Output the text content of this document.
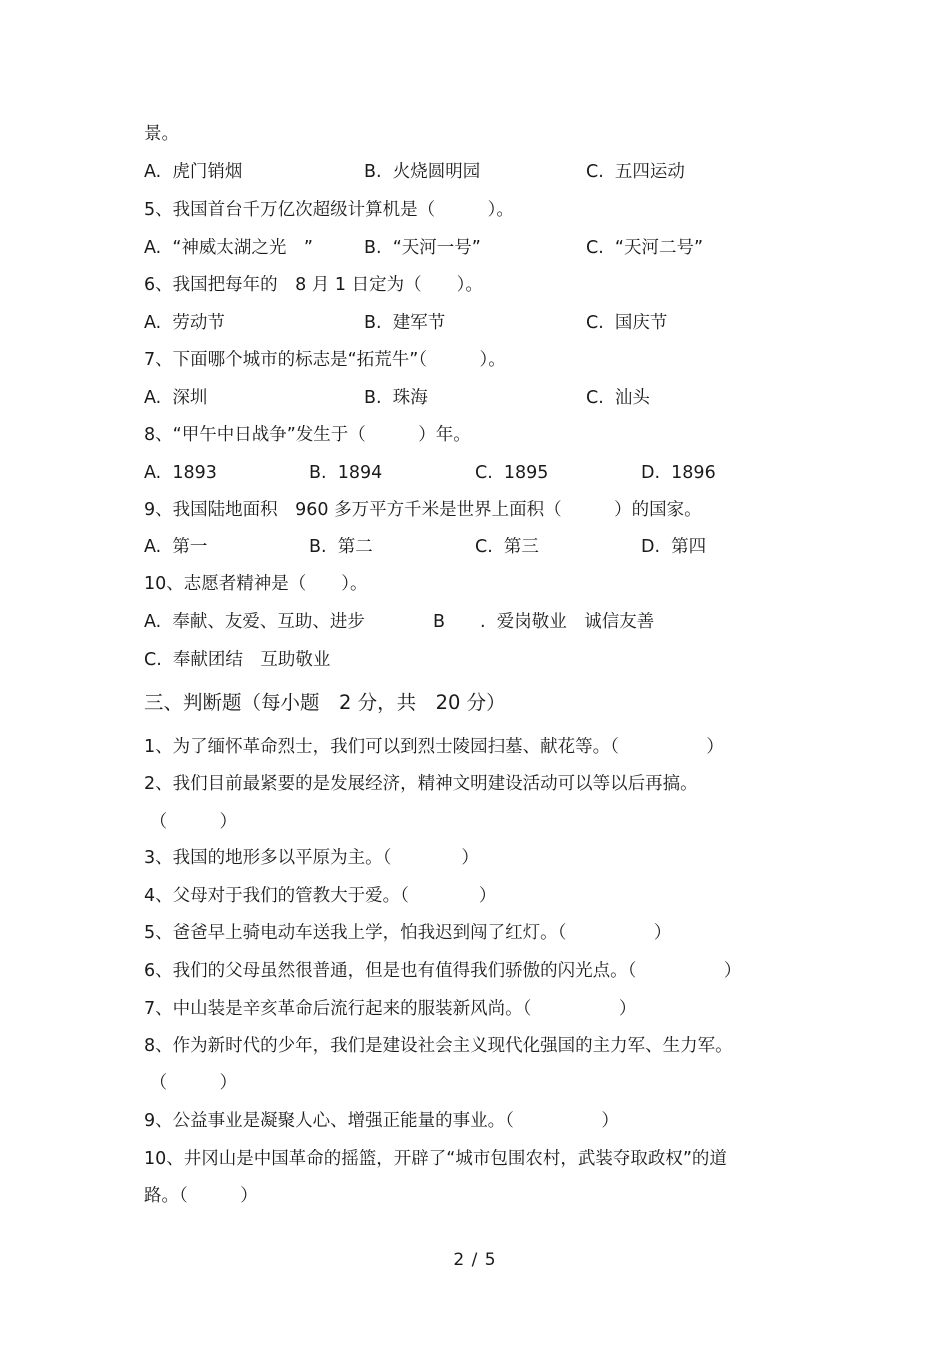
景。

A.  虎门销烟

	B.  火烧圆明园

	C.  五四运动

5、我国首台千万亿次超级计算机是（　　　）。

A.  “神威太湖之光　”

	B.  “天河一号”

	C.  “天河二号”

6、我国把每年的　8 月 1 日定为（　　）。

A.  劳动节

	B.  建军节

	C.  国庆节

7、下面哪个城市的标志是“拓荒牛”（　　　）。

A.  深圳

	B.  珠海

	C.  汕头

8、“甲午中日战争”发生于（　　　）年。

A.  1893

	B.  1894

	C.  1895

	D.  1896

9、我国陆地面积　960 多万平方千米是世界上面积（　　　）的国家。

A.  第一

	B.  第二

	C.  第三

	D.  第四

10、志愿者精神是（　　）。

A.  奉献、友爱、互助、进步

	B　　.  爱岗敬业　诚信友善

C.  奉献团结　互助敬业
三、判断题（每小题　2 分，共　20 分）
1、为了缅怀革命烈士，我们可以到烈士陵园扫墓、献花等。（　　　　　）
2、我们目前最紧要的是发展经济，精神文明建设活动可以等以后再搞。
（　　　）
3、我国的地形多以平原为主。（　　　　）
4、父母对于我们的管教大于爱。（　　　　）
5、爸爸早上骑电动车送我上学，怕我迟到闯了红灯。（　　　　　）
6、我们的父母虽然很普通，但是也有值得我们骄傲的闪光点。（　　　　　）
7、中山装是辛亥革命后流行起来的服装新风尚。（　　　　　）
8、作为新时代的少年，我们是建设社会主义现代化强国的主力军、生力军。
（　　　）
9、公益事业是凝聚人心、增强正能量的事业。（　　　　　）
10、井冈山是中国革命的摇篮，开辟了“城市包围农村，武装夺取政权”的道
路。（　　　）
2 / 5
